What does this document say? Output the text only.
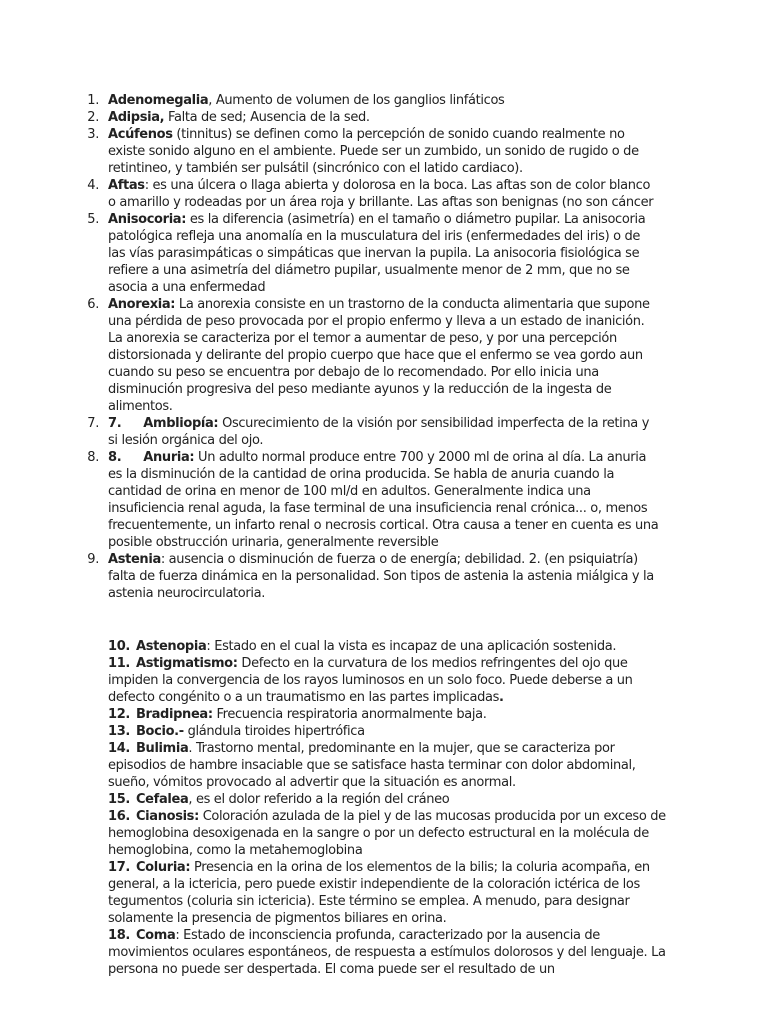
1. Adenomegalia, Aumento de volumen de los ganglios linfáticos
2. Adipsia, Falta de sed; Ausencia de la sed.
3. Acúfenos (tinnitus) se definen como la percepción de sonido cuando realmente no existe sonido alguno en el ambiente. Puede ser un zumbido, un sonido de rugido o de retintineo, y también ser pulsátil (sincrónico con el latido cardiaco).
4. Aftas: es una úlcera o llaga abierta y dolorosa en la boca. Las aftas son de color blanco o amarillo y rodeadas por un área roja y brillante. Las aftas son benignas (no son cáncer
5. Anisocoria: es la diferencia (asimetría) en el tamaño o diámetro pupilar. La anisocoria patológica refleja una anomalía en la musculatura del iris (enfermedades del iris) o de las vías parasimpáticas o simpáticas que inervan la pupila. La anisocoria fisiológica se refiere a una asimetría del diámetro pupilar, usualmente menor de 2 mm, que no se asocia a una enfermedad
6. Anorexia: La anorexia consiste en un trastorno de la conducta alimentaria que supone una pérdida de peso provocada por el propio enfermo y lleva a un estado de inanición. La anorexia se caracteriza por el temor a aumentar de peso, y por una percepción distorsionada y delirante del propio cuerpo que hace que el enfermo se vea gordo aun cuando su peso se encuentra por debajo de lo recomendado. Por ello inicia una disminución progresiva del peso mediante ayunos y la reducción de la ingesta de alimentos.
7. 7. Ambliopía: Oscurecimiento de la visión por sensibilidad imperfecta de la retina y si lesión orgánica del ojo.
8. 8. Anuria: Un adulto normal produce entre 700 y 2000 ml de orina al día. La anuria es la disminución de la cantidad de orina producida. Se habla de anuria cuando la cantidad de orina en menor de 100 ml/d en adultos. Generalmente indica una insuficiencia renal aguda, la fase terminal de una insuficiencia renal crónica... o, menos frecuentemente, un infarto renal o necrosis cortical. Otra causa a tener en cuenta es una posible obstrucción urinaria, generalmente reversible
9. Astenia: ausencia o disminución de fuerza o de energía; debilidad. 2. (en psiquiatría) falta de fuerza dinámica en la personalidad. Son tipos de astenia la astenia miálgica y la astenia neurocirculatoria.

10. Astenopia: Estado en el cual la vista es incapaz de una aplicación sostenida.

11. Astigmatismo: Defecto en la curvatura de los medios refringentes del ojo que impiden la convergencia de los rayos luminosos en un solo foco. Puede deberse a un defecto congénito o a un traumatismo en las partes implicadas.

12. Bradipnea: Frecuencia respiratoria anormalmente baja.

13. Bocio.- glándula tiroides hipertrófica

14. Bulimia. Trastorno mental, predominante en la mujer, que se caracteriza por episodios de hambre insaciable que se satisface hasta terminar con dolor abdominal, sueño, vómitos provocado al advertir que la situación es anormal.

15. Cefalea, es el dolor referido a la región del cráneo

16. Cianosis: Coloración azulada de la piel y de las mucosas producida por un exceso de hemoglobina desoxigenada en la sangre o por un defecto estructural en la molécula de hemoglobina, como la metahemoglobina

17. Coluria: Presencia en la orina de los elementos de la bilis; la coluria acompaña, en general, a la ictericia, pero puede existir independiente de la coloración ictérica de los tegumentos (coluria sin ictericia). Este término se emplea. A menudo, para designar solamente la presencia de pigmentos biliares en orina.

18. Coma: Estado de inconsciencia profunda, caracterizado por la ausencia de movimientos oculares espontáneos, de respuesta a estímulos dolorosos y del lenguaje. La persona no puede ser despertada. El coma puede ser el resultado de un
